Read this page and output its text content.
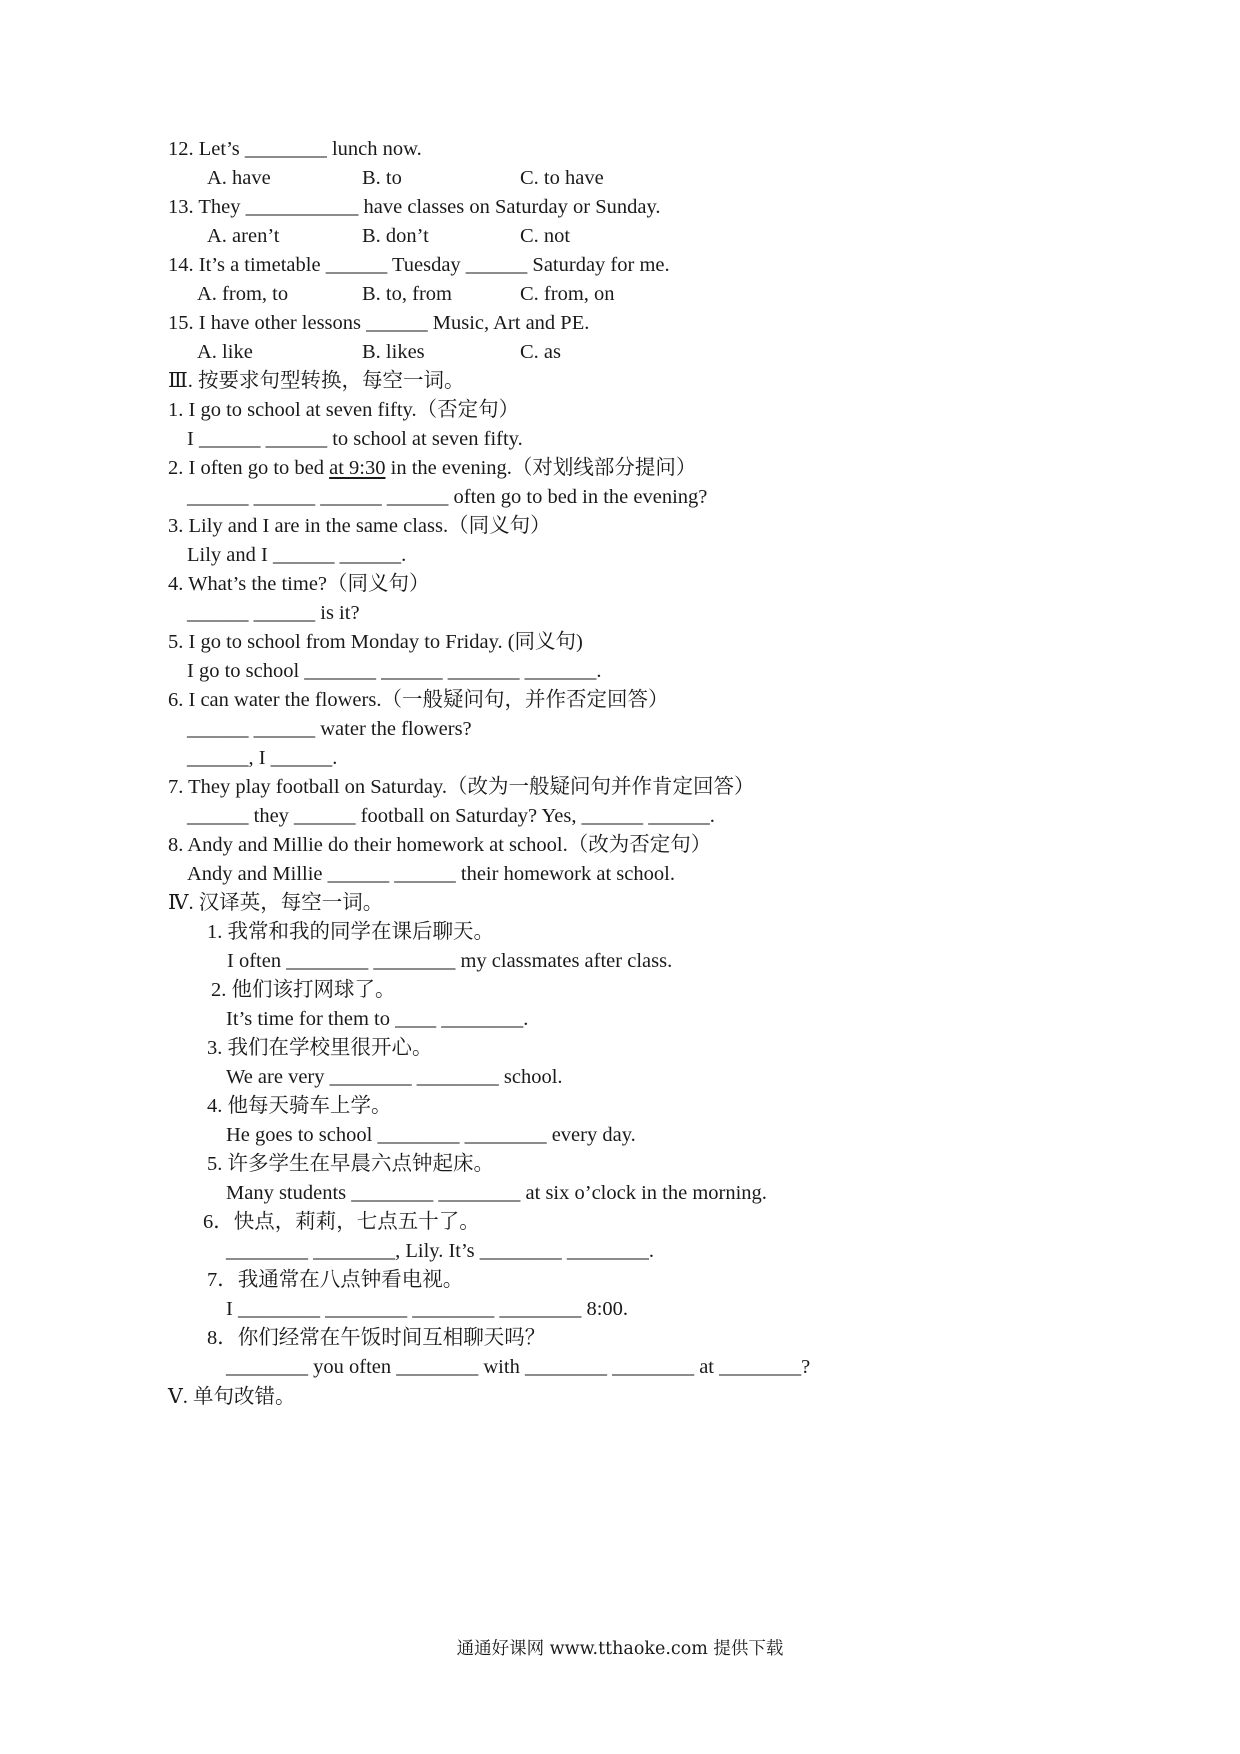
12. Let’s ________ lunch now.

A. have

	B. to

	C. to have

13. They ___________ have classes on Saturday or Sunday.

A. aren’t

	B. don’t

	C. not

14. It’s a timetable ______ Tuesday ______ Saturday for me.

A. from, to

	B. to, from

	C. from, on

15. I have other lessons ______ Music, Art and PE.

A. like

	B. likes

	C. as

Ⅲ. 按要求句型转换，每空一词。
1. I go to school at seven fifty.（否定句）
I ______ ______ to school at seven fifty.
2. I often go to bed at 9:30 in the evening.（对划线部分提问）
______ ______ ______ ______ often go to bed in the evening?
3. Lily and I are in the same class.（同义句）
Lily and I ______ ______.
4. What’s the time?（同义句）
______ ______ is it?
5. I go to school from Monday to Friday. (同义句)
I go to school _______ ______ _______ _______.
6. I can water the flowers.（一般疑问句，并作否定回答）
______ ______ water the flowers?
______, I ______.
7. They play football on Saturday.（改为一般疑问句并作肯定回答）
______ they ______ football on Saturday? Yes, ______ ______.
8. Andy and Millie do their homework at school.（改为否定句）
Andy and Millie ______ ______ their homework at school.
Ⅳ. 汉译英，每空一词。
1. 我常和我的同学在课后聊天。
I often ________ ________ my classmates after class.
2. 他们该打网球了。
It’s time for them to ____ ________.
3. 我们在学校里很开心。
We are very ________ ________ school.
4. 他每天骑车上学。
He goes to school ________ ________ every day.
5. 许多学生在早晨六点钟起床。
Many students ________ ________ at six o’clock in the morning.
6．快点，莉莉，七点五十了。
________ ________, Lily. It’s ________ ________.
7．我通常在八点钟看电视。
I ________ ________ ________ ________ 8:00.
8．你们经常在午饭时间互相聊天吗？
________ you often ________ with ________ ________ at ________?
Ⅴ. 单句改错。
通通好课网 www.tthaoke.com 提供下载
